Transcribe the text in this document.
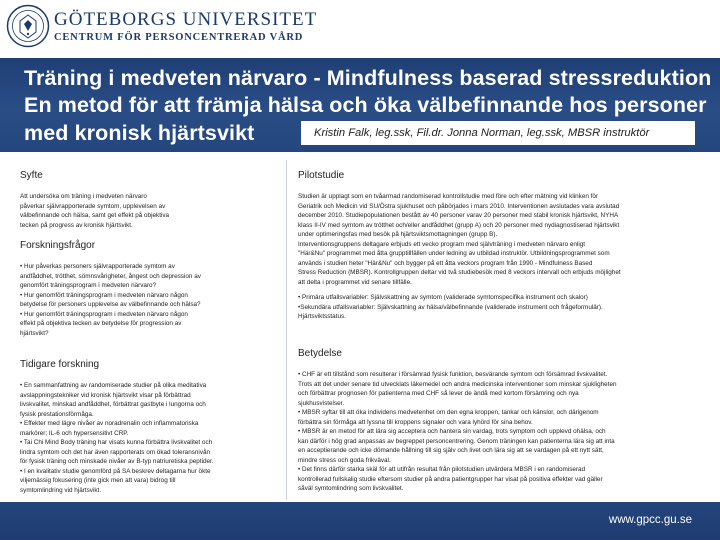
GÖTEBORGS UNIVERSITET
CENTRUM FÖR PERSONCENTRERAD VÅRD
Träning i medveten närvaro - Mindfulness baserad stressreduktion
En metod för att främja hälsa och öka välbefinnande hos personer
med kronisk hjärtsvikt	Kristin Falk, leg.ssk, Fil.dr. Jonna Norman, leg.ssk, MBSR instruktör
Syfte
Att undersöka om träning i medveten närvaro
påverkar självrapporterade symtom, upplevelsen av
välbefinnande och hälsa, samt get effekt på objektiva
tecken på progress av kronisk hjärtsvikt.
Forskningsfrågor
• Hur påverkas personers självrapporterade symtom av
andfåddhet, trötthet, sömnsvårigheter, ångest och depression av
genomfört träningsprogram i medveten närvaro?
• Hur genomfört träningsprogram i medveten närvaro någon
betydelse för personers upplevelse av välbefinnande och hälsa?
• Hur genomfört träningsprogram i medveten närvaro någon
effekt på objektiva tecken av betydelse för progression av
hjärtsvikt?
Tidigare forskning
• En sammanfattning av randomiserade studier på olika meditativa
avslappningstekniker vid kronisk hjärtsvikt visar på förbättrad
livskvalitet, minskad andfåddhet, förbättrat gastbyte i lungorna och
fysisk prestationsförmåga.
• Effekter med lägre nivåer av noradrenalin och inflammatoriska
markörer; IL-6 och hypersensitivt CRP.
• Tai Chi Mind Body träning har visats kunna förbättra livskvalitet och
lindra symtom och det har även rapporterats om ökad toleransnivån
för fysisk träning och minskade nivåer av B-typ natriuretiska peptider.
• I en kvalitativ studie genomförd på SA beskrev deltagarna hur ökte
viljemässig fokusering (inte gick men att vara) bidrog till
symtomlindring vid hjärtsvikt.
Pilotstudie
Studien är upplagt som en tvåarmad randomiserad kontrollstudie med före och efter mätning vid klinken för
Geriatrik och Medicin vid SU/Östra sjukhuset och påbörjades i mars 2010. Interventionen avslutades vara avslutad
december 2010. Studiepopulationen bestått av 40 personer varav 20 personer med stabil kronisk hjärtsvikt, NYHA
klass II-IV med symtom av trötthet och/eller andfåddhet (grupp A) och 20 personer med nydiagnostiserad hjärtsvikt
under optimeringsfas med besök på hjärtsviktsmottagningen (grupp B).
Interventionsgruppens deltagare erbjuds ett vecko program med självträning i medveten närvaro enligt
"Här&Nu" programmet med åtta grupptillfällen under ledning av utbildad instruktör. Utbildningsprogrammet som
används i studien heter "Här&Nu" och bygger på ett åtta veckors program från 1990 - Mindfulness Based
Stress Reduction (MBSR). Kontrollgruppen deltar vid två studiebesök med 8 veckors intervall och erbjuds möjlighet
att delta i programmet vid senare tillfälle.
• Primära utfallsvariabler: Självskattning av symtom (validerade symtomspecifika instrument och skalor)
•Sekundära utfallsvariabler: Självskattning av hälsa/välbefinnande (validerade instrument och frågeformulär).
Hjärtsviktsstatus.
Betydelse
• CHF är ett tillstånd som resulterar i försämrad fysisk funktion, besvärande symtom och försämrad livskvalitet.
Trots att det under senare tid utvecklats läkemedel och andra medicinska interventioner som minskar sjukligheten
och förbättrar prognosen för patienterna med CHF så lever de ändå med kortom försämring och nya
sjukhusvistelser.
• MBSR syftar till att öka individens medvetenhet om den egna kroppen, tankar och känslor, och därigenom
förbättra sin förmåga att lyssna till kroppens signaler och vara lyhörd för sina behov.
• MBSR är en metod för att lära sig acceptera och hantera sin vardag, trots symptom och upplevd ohälsa, och
kan därför i hög grad anpassas av begreppet personcentrering. Genom träningen kan patienterna lära sig att inta
en acceptierande och icke dömande hållning till sig själv och livet och lära sig att se vardagen på ett nytt sätt,
mindre stress och goda frikväval.
• Det finns därför starka skäl för att utifrån resultat från pilotstudien utvärdera MBSR i en randomiserad
kontrollerad fullskalig studie eftersom studier på andra patientgrupper har visat på positiva effekter vad gäller
såväl symtomlindring som livskvalitet.
www.gpcc.gu.se
